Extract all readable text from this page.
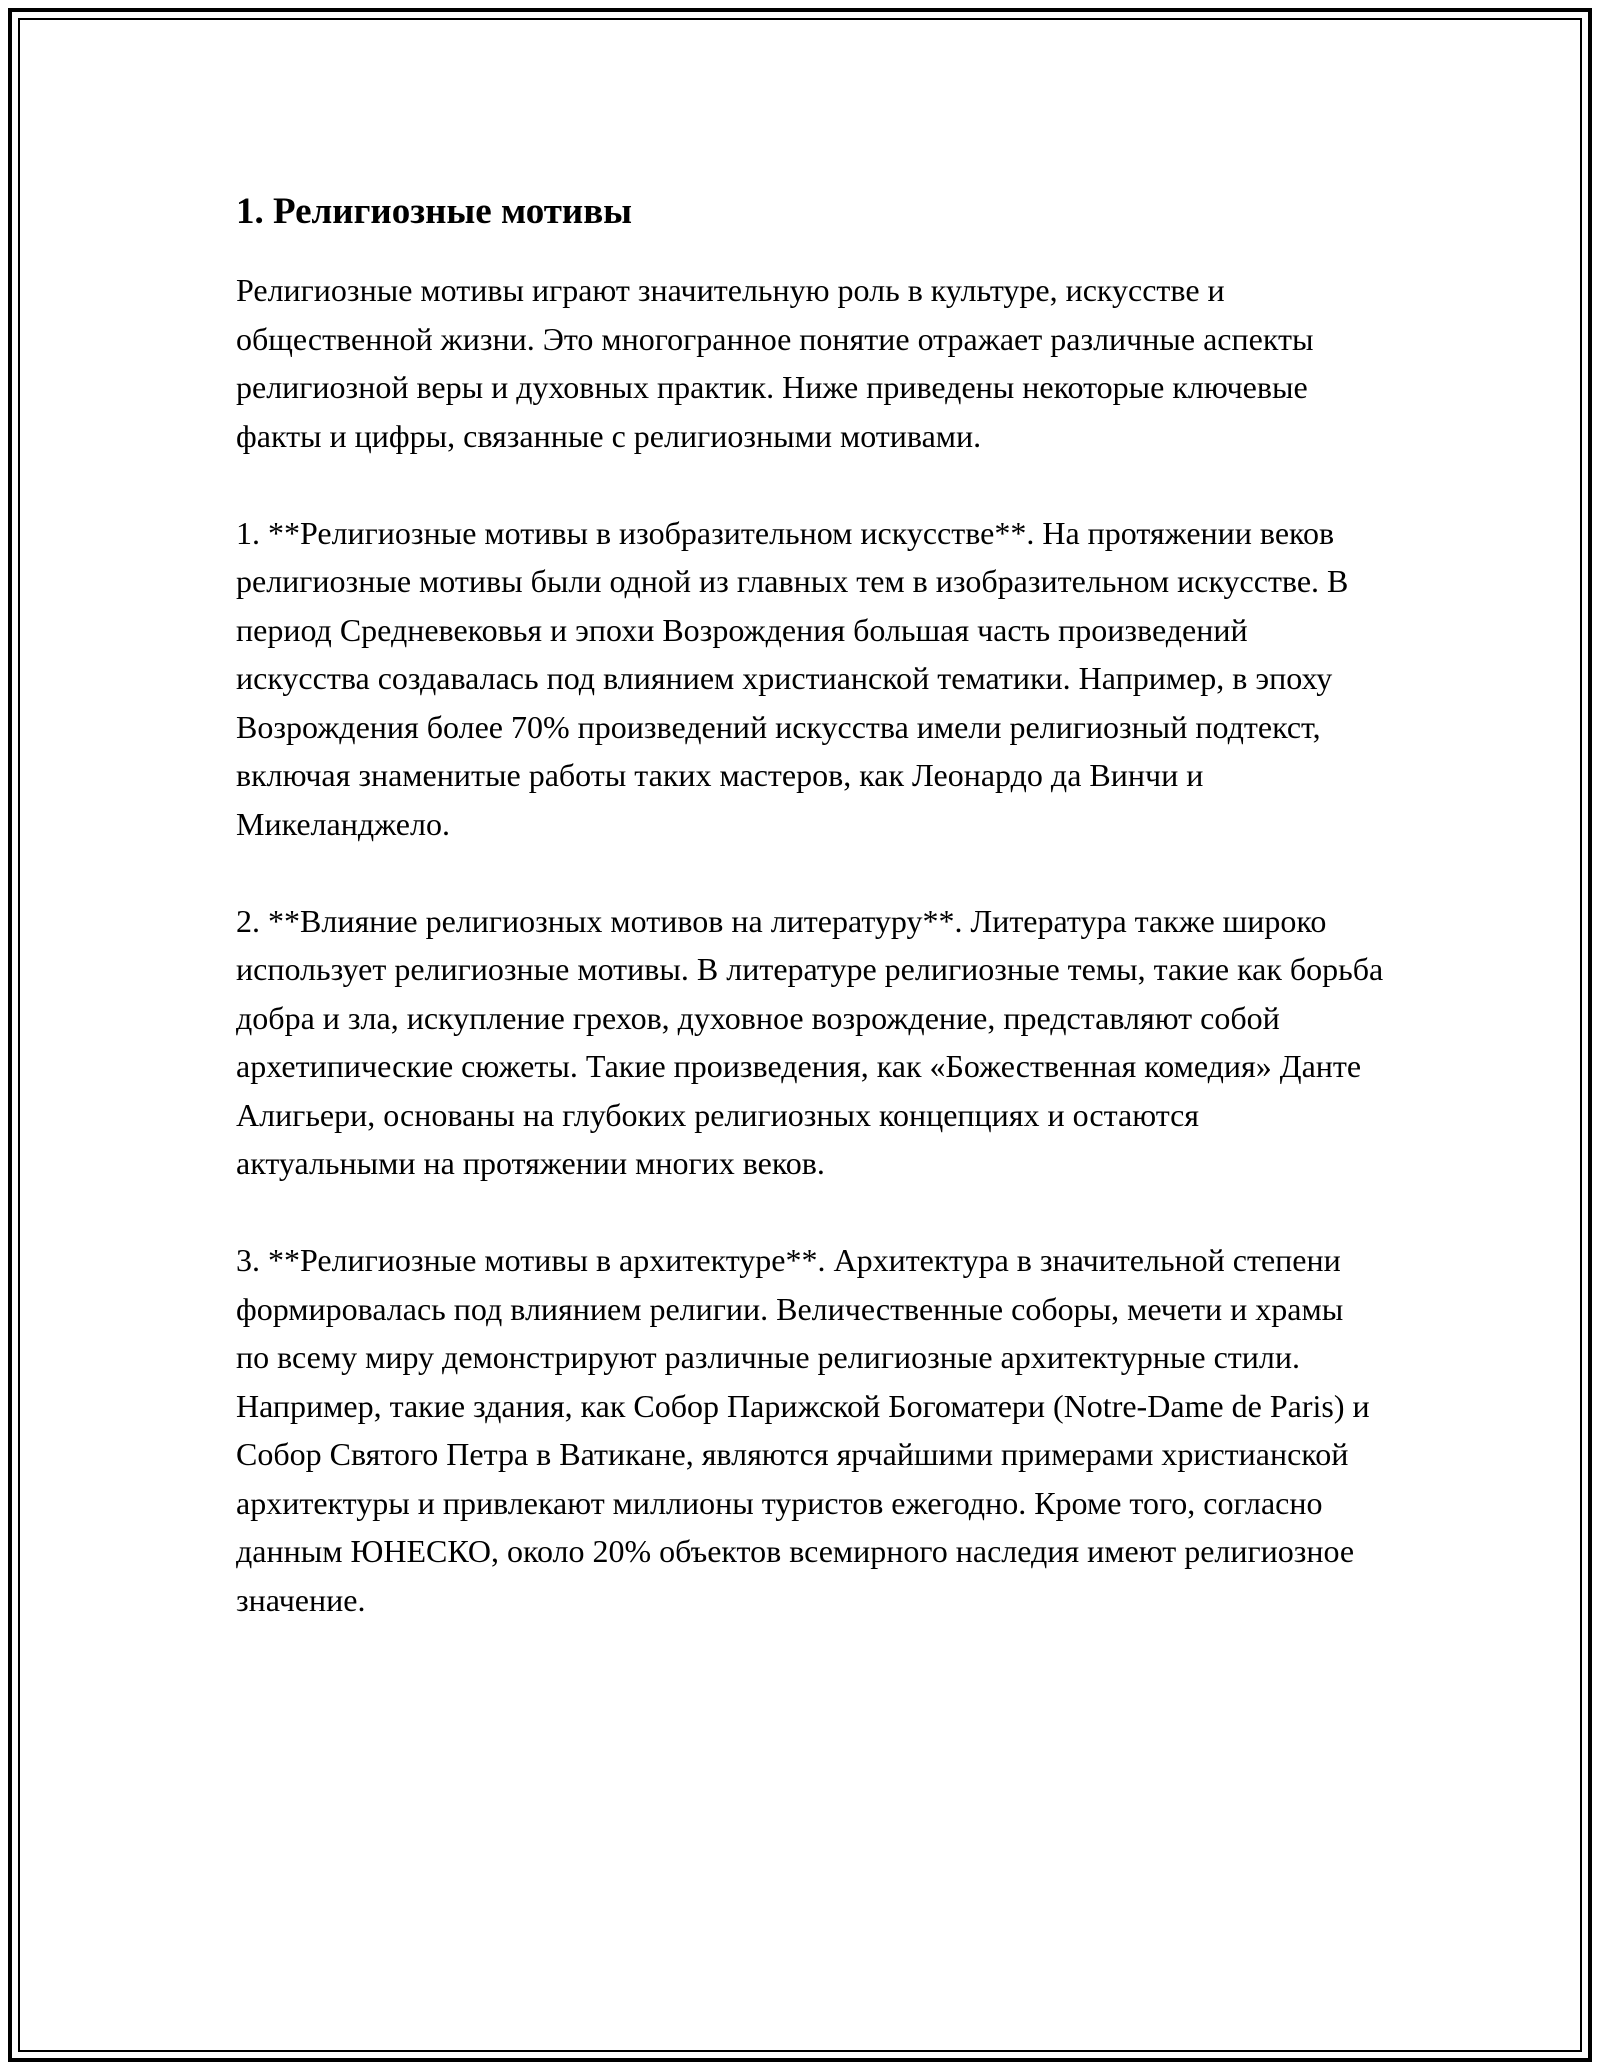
1. Религиозные мотивы

Религиозные мотивы играют значительную роль в культуре, искусстве и общественной жизни. Это многогранное понятие отражает различные аспекты религиозной веры и духовных практик. Ниже приведены некоторые ключевые факты и цифры, связанные с религиозными мотивами.

1. **Религиозные мотивы в изобразительном искусстве**. На протяжении веков религиозные мотивы были одной из главных тем в изобразительном искусстве. В период Средневековья и эпохи Возрождения большая часть произведений искусства создавалась под влиянием христианской тематики. Например, в эпоху Возрождения более 70% произведений искусства имели религиозный подтекст, включая знаменитые работы таких мастеров, как Леонардо да Винчи и Микеланджело.

2. **Влияние религиозных мотивов на литературу**. Литература также широко использует религиозные мотивы. В литературе религиозные темы, такие как борьба добра и зла, искупление грехов, духовное возрождение, представляют собой архетипические сюжеты. Такие произведения, как «Божественная комедия» Данте Алигьери, основаны на глубоких религиозных концепциях и остаются актуальными на протяжении многих веков.

3. **Религиозные мотивы в архитектуре**. Архитектура в значительной степени формировалась под влиянием религии. Величественные соборы, мечети и храмы по всему миру демонстрируют различные религиозные архитектурные стили. Например, такие здания, как Собор Парижской Богоматери (Notre-Dame de Paris) и Собор Святого Петра в Ватикане, являются ярчайшими примерами христианской архитектуры и привлекают миллионы туристов ежегодно. Кроме того, согласно данным ЮНЕСКО, около 20% объектов всемирного наследия имеют религиозное значение.
